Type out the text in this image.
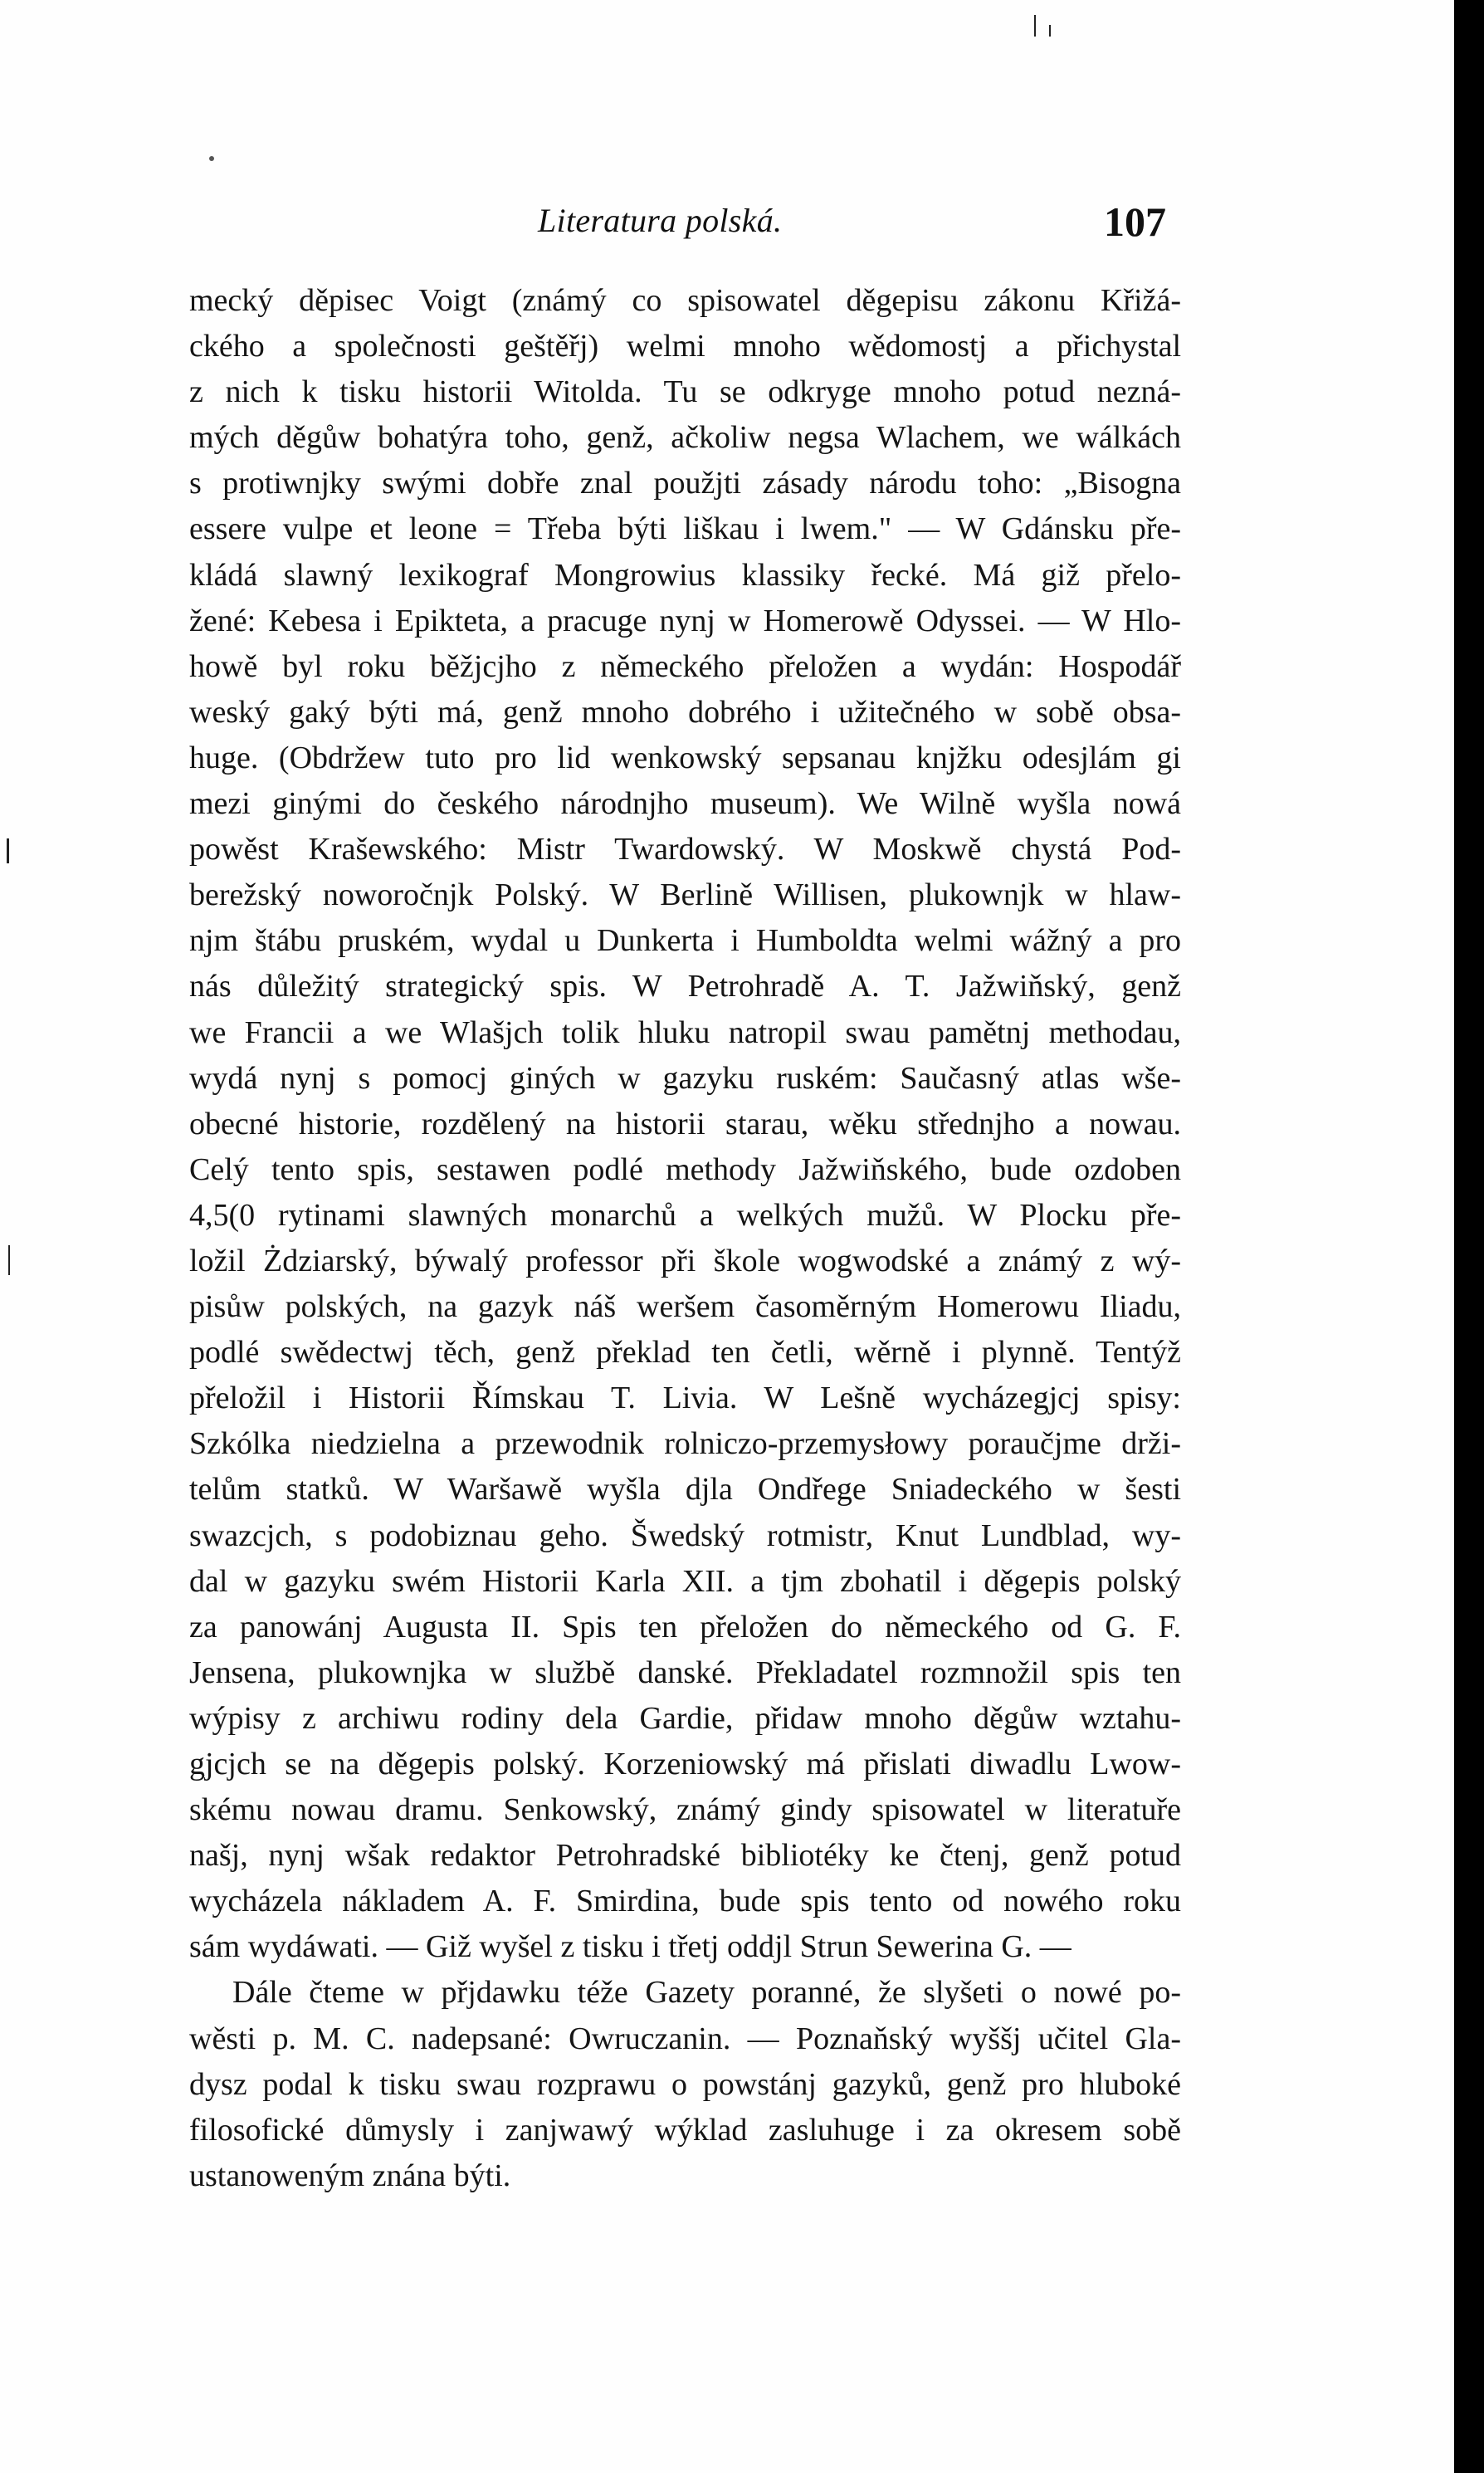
Literatura polská.	107
mecký děpisec Voigt (známý co spisowatel děgepisu zákonu Křižá-
ckého a společnosti geštěřj) welmi mnoho wědomostj a přichystal
z nich k tisku historii Witolda. Tu se odkryge mnoho potud nezná-
mých děgůw bohatýra toho, genž, ačkoliw negsa Wlachem, we wálkách
s protiwnjky swými dobře znal použjti zásady národu toho: „Bisogna
essere vulpe et leone = Třeba býti liškau i lwem." — W Gdánsku pře-
kládá slawný lexikograf Mongrowius klassiky řecké. Má giž přelo-
žené: Kebesa i Epikteta, a pracuge nynj w Homerowě Odyssei. — W Hlo-
howě byl roku běžjcjho z německého přeložen a wydán: Hospodář
weský gaký býti má, genž mnoho dobrého i užitečného w sobě obsa-
huge. (Obdržew tuto pro lid wenkowský sepsanau knjžku odesjlám gi
mezi ginými do českého národnjho museum). We Wilně wyšla nowá
powěst Krašewského: Mistr Twardowský. W Moskwě chystá Pod-
berežský noworočnjk Polský. W Berlině Willisen, plukownjk w hlaw-
njm štábu pruském, wydal u Dunkerta i Humboldta welmi wážný a pro
nás důležitý strategický spis. W Petrohradě A. T. Jažwiňský, genž
we Francii a we Wlašjch tolik hluku natropil swau pamětnj methodau,
wydá nynj s pomocj giných w gazyku ruském: Saučasný atlas wše-
obecné historie, rozdělený na historii starau, wěku střednjho a nowau.
Celý tento spis, sestawen podlé methody Jažwiňského, bude ozdoben
4,5(0 rytinami slawných monarchů a welkých mužů. W Plocku pře-
ložil Żdziarský, býwalý professor při škole wogwodské a známý z wý-
pisůw polských, na gazyk náš weršem časoměrným Homerowu Iliadu,
podlé swědectwj těch, genž překlad ten četli, wěrně i plynně. Tentýž
přeložil i Historii Římskau T. Livia. W Lešně wycházegjcj spisy:
Szkólka niedzielna a przewodnik rolniczo-przemysłowy poraučjme drži-
telům statků. W Waršawě wyšla djla Ondřege Sniadeckého w šesti
swazcjch, s podobiznau geho. Šwedský rotmistr, Knut Lundblad, wy-
dal w gazyku swém Historii Karla XII. a tjm zbohatil i děgepis polský
za panowánj Augusta II. Spis ten přeložen do německého od G. F.
Jensena, plukownjka w službě danské. Překladatel rozmnožil spis ten
wýpisy z archiwu rodiny dela Gardie, přidaw mnoho děgůw wztahu-
gjcjch se na děgepis polský. Korzeniowský má přislati diwadlu Lwow-
skému nowau dramu. Senkowský, známý gindy spisowatel w literatuře
našj, nynj wšak redaktor Petrohradské bibliotéky ke čtenj, genž potud
wycházela nákladem A. F. Smirdina, bude spis tento od nowého roku
sám wydáwati. — Giž wyšel z tisku i třetj oddjl Strun Sewerina G. —
Dále čteme w přjdawku téže Gazety poranné, že slyšeti o nowé po-
wěsti p. M. C. nadepsané: Owruczanin. — Poznaňský wyššj učitel Gla-
dysz podal k tisku swau rozprawu o powstánj gazyků, genž pro hluboké
filosofické důmysly i zanjwawý wýklad zasluhuge i za okresem sobě
ustanoweným znána býti.
